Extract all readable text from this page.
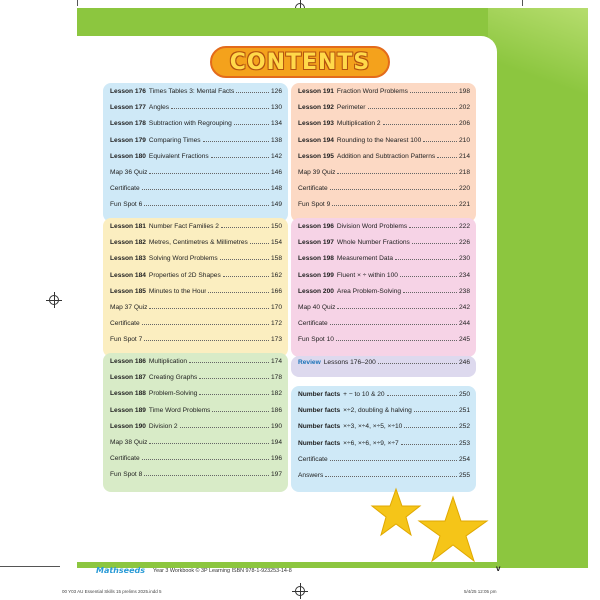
CONTENTS
Lesson 176 Times Tables 3: Mental Facts	126
Lesson 177 Angles	130
Lesson 178 Subtraction with Regrouping	134
Lesson 179 Comparing Times	138
Lesson 180 Equivalent Fractions	142
Map 36 Quiz	146
Certificate	148
Fun Spot 6	149
Lesson 191 Fraction Word Problems	198
Lesson 192 Perimeter	202
Lesson 193 Multiplication 2	206
Lesson 194 Rounding to the Nearest 100	210
Lesson 195 Addition and Subtraction Patterns	214
Map 39 Quiz	218
Certificate	220
Fun Spot 9	221
Lesson 181 Number Fact Families 2	150
Lesson 182 Metres, Centimetres & Millimetres	154
Lesson 183 Solving Word Problems	158
Lesson 184 Properties of 2D Shapes	162
Lesson 185 Minutes to the Hour	166
Map 37 Quiz	170
Certificate	172
Fun Spot 7	173
Lesson 196 Division Word Problems	222
Lesson 197 Whole Number Fractions	226
Lesson 198 Measurement Data	230
Lesson 199 Fluent × ÷ within 100	234
Lesson 200 Area Problem-Solving	238
Map 40 Quiz	242
Certificate	244
Fun Spot 10	245
Lesson 186 Multiplication	174
Lesson 187 Creating Graphs	178
Lesson 188 Problem-Solving	182
Lesson 189 Time Word Problems	186
Lesson 190 Division 2	190
Map 38 Quiz	194
Certificate	196
Fun Spot 8	197
Review Lessons 176–200	246
Number facts + − to 10 & 20	250
Number facts ×÷2, doubling & halving	251
Number facts ×÷3, ×÷4, ×÷5, ×÷10	252
Number facts ×÷6, ×÷6, ×÷9, ×÷7	253
Certificate	254
Answers	255
Mathseeds Year 3 Workbook © 3P Learning ISBN 978-1-923253-14-8	v
00 Y03 AU Essential Skills 15 prelims 2025.indd 5	5/4/25 12:05 pm
